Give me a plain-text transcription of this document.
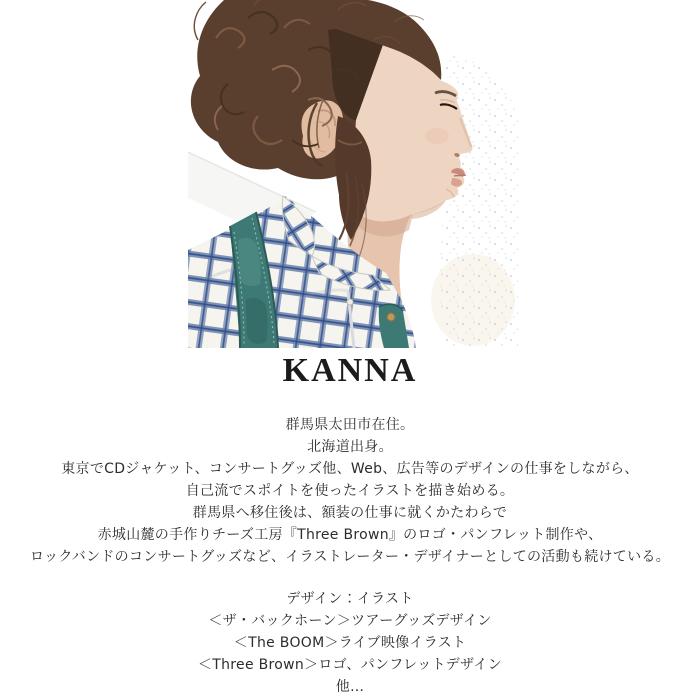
KANNA
群馬県太田市在住。
北海道出身。
東京でCDジャケット、コンサートグッズ他、Web、広告等のデザインの仕事をしながら、
自己流でスポイトを使ったイラストを描き始める。
群馬県へ移住後は、額装の仕事に就くかたわらで
赤城山麓の手作りチーズ工房『Three Brown』のロゴ・パンフレット制作や、
ロックバンドのコンサートグッズなど、イラストレーター・デザイナーとしての活動も続けている。
デザイン：イラスト
＜ザ・バックホーン＞ツアーグッズデザイン
＜The BOOM＞ライブ映像イラスト
＜Three Brown＞ロゴ、パンフレットデザイン
他…
